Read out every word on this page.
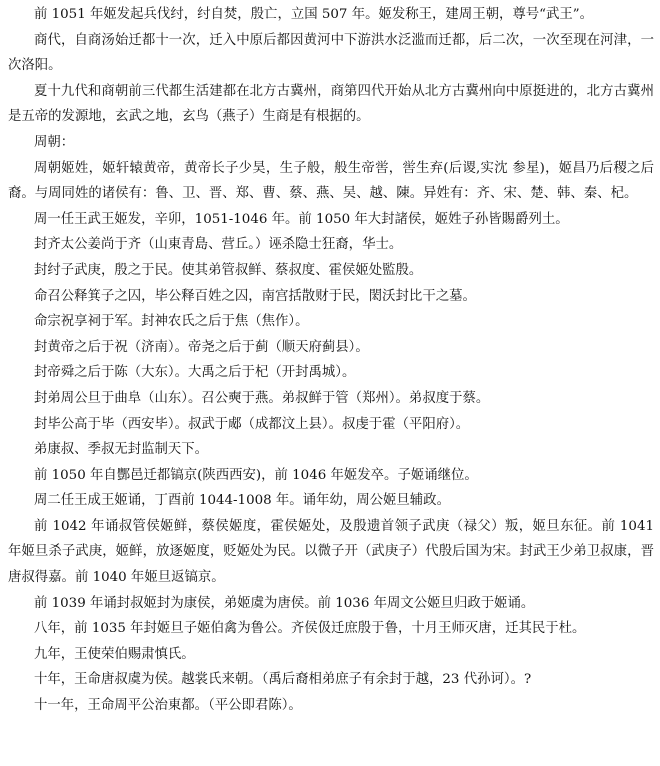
前 1051 年姬发起兵伐纣，纣自焚，殷亡，立国 507 年。姬发称王，建周王朝，尊号“武王”。

商代，自商汤始迁都十一次，迁入中原后都因黄河中下游洪水泛滥而迁都，后二次，一次至现在河津，一次洛阳。

夏十九代和商朝前三代都生活建都在北方古冀州，商第四代开始从北方古冀州向中原挺进的，北方古冀州是五帝的发源地，玄武之地，玄鸟（燕子）生商是有根据的。

周朝：

周朝姬姓，姬轩辕黄帝，黄帝长子少昊，生子般，般生帝喾，喾生弃(后谡,实沈 参星)，姬昌乃后稷之后裔。与周同姓的诸侯有：鲁、卫、晋、郑、曹、蔡、燕、吴、越、陳。异姓有：齐、宋、楚、韩、秦、杞。

周一任王武王姬发，辛卯，1051-1046 年。前 1050 年大封諸侯，姬姓子孙皆賜爵列土。

封齐太公姜尚于齐（山東青島、营丘。）诬杀隐士狂裔，华士。

封纣子武庚，殷之于民。使其弟管叔鲜、蔡叔度、霍侯姬处監殷。

命召公释箕子之囚，毕公释百姓之囚，南宫括散财于民，閎沃封比干之墓。

命宗祝享祠于军。封神农氏之后于焦（焦作）。

封黄帝之后于祝（济南）。帝尧之后于蓟（顺天府蓟县）。

封帝舜之后于陈（大东）。大禹之后于杞（开封禹城）。

封弟周公旦于曲阜（山东）。召公奭于燕。弟叔鲜于管（郑州）。弟叔度于蔡。

封毕公高于毕（西安毕）。叔武于郕（成都汶上县）。叔虔于霍（平阳府）。

弟康叔、季叔无封监制天下。

前 1050 年自酆邑迁都镐京(陕西西安)，前 1046 年姬发卒。子姬诵继位。

周二任王成王姬诵，丁酉前 1044-1008 年。诵年幼，周公姬旦辅政。

前 1042 年诵叔管侯姬鲜，蔡侯姬度，霍侯姬处，及殷遗首领子武庚（禄父）叛，姬旦东征。前 1041 年姬旦杀子武庚，姬鲜，放逐姬度，贬姬处为民。以微子开（武庚子）代殷后国为宋。封武王少弟卫叔康，晋唐叔得嘉。前 1040 年姬旦返镐京。

前 1039 年诵封叔姬封为康侯，弟姬虞为唐侯。前 1036 年周文公姬旦归政于姬诵。

八年，前 1035 年封姬旦子姬伯禽为鲁公。齐侯伋迁庶殷于鲁，十月王师灭唐，迁其民于杜。

九年，王使荣伯赐肃慎氏。

十年，王命唐叔虞为侯。越裳氏来朝。（禹后裔相弟庶子有余封于越，23 代孙诃）。?

十一年，王命周平公治東都。（平公即君陈）。
